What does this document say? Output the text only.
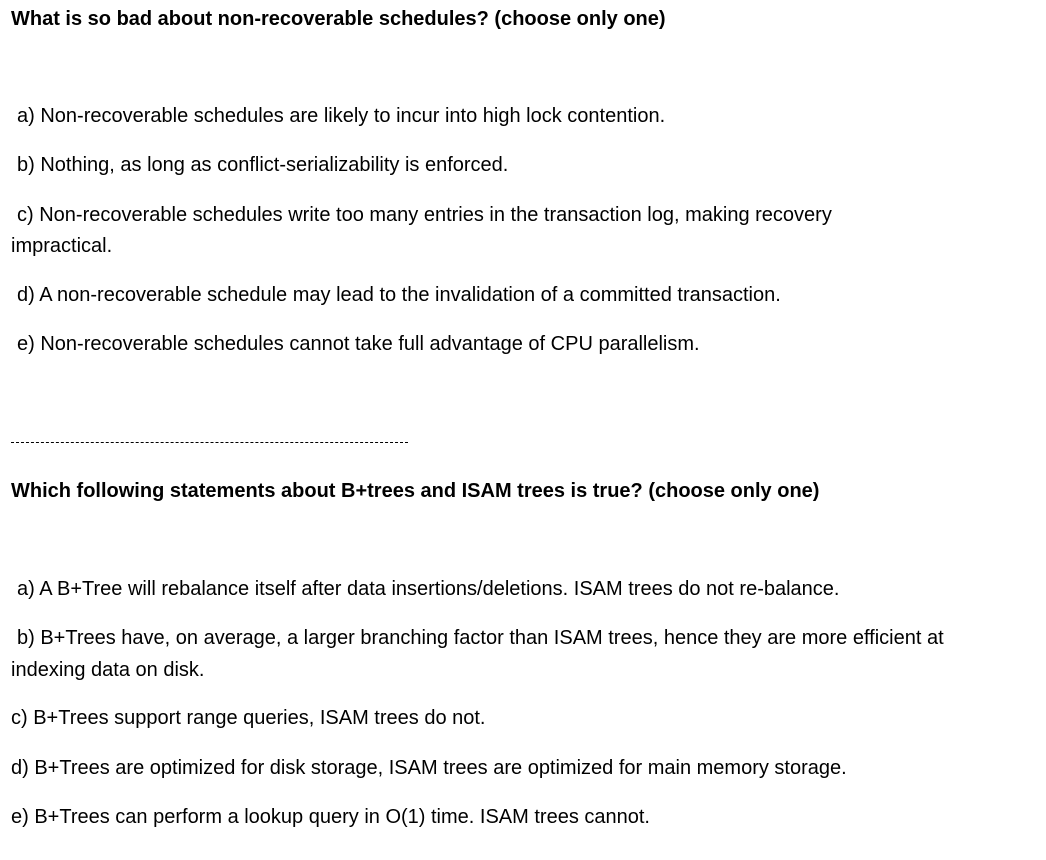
What is so bad about non-recoverable schedules? (choose only one)
a) Non-recoverable schedules are likely to incur into high lock contention.
b) Nothing, as long as conflict-serializability is enforced.
c) Non-recoverable schedules write too many entries in the transaction log, making recovery
impractical.
d) A non-recoverable schedule may lead to the invalidation of a committed transaction.
e) Non-recoverable schedules cannot take full advantage of CPU parallelism.
Which following statements about B+trees and ISAM trees is true? (choose only one)
a) A B+Tree will rebalance itself after data insertions/deletions. ISAM trees do not re-balance.
b) B+Trees have, on average, a larger branching factor than ISAM trees, hence they are more efficient at
indexing data on disk.
c) B+Trees support range queries, ISAM trees do not.
d) B+Trees are optimized for disk storage, ISAM trees are optimized for main memory storage.
e) B+Trees can perform a lookup query in O(1) time. ISAM trees cannot.
